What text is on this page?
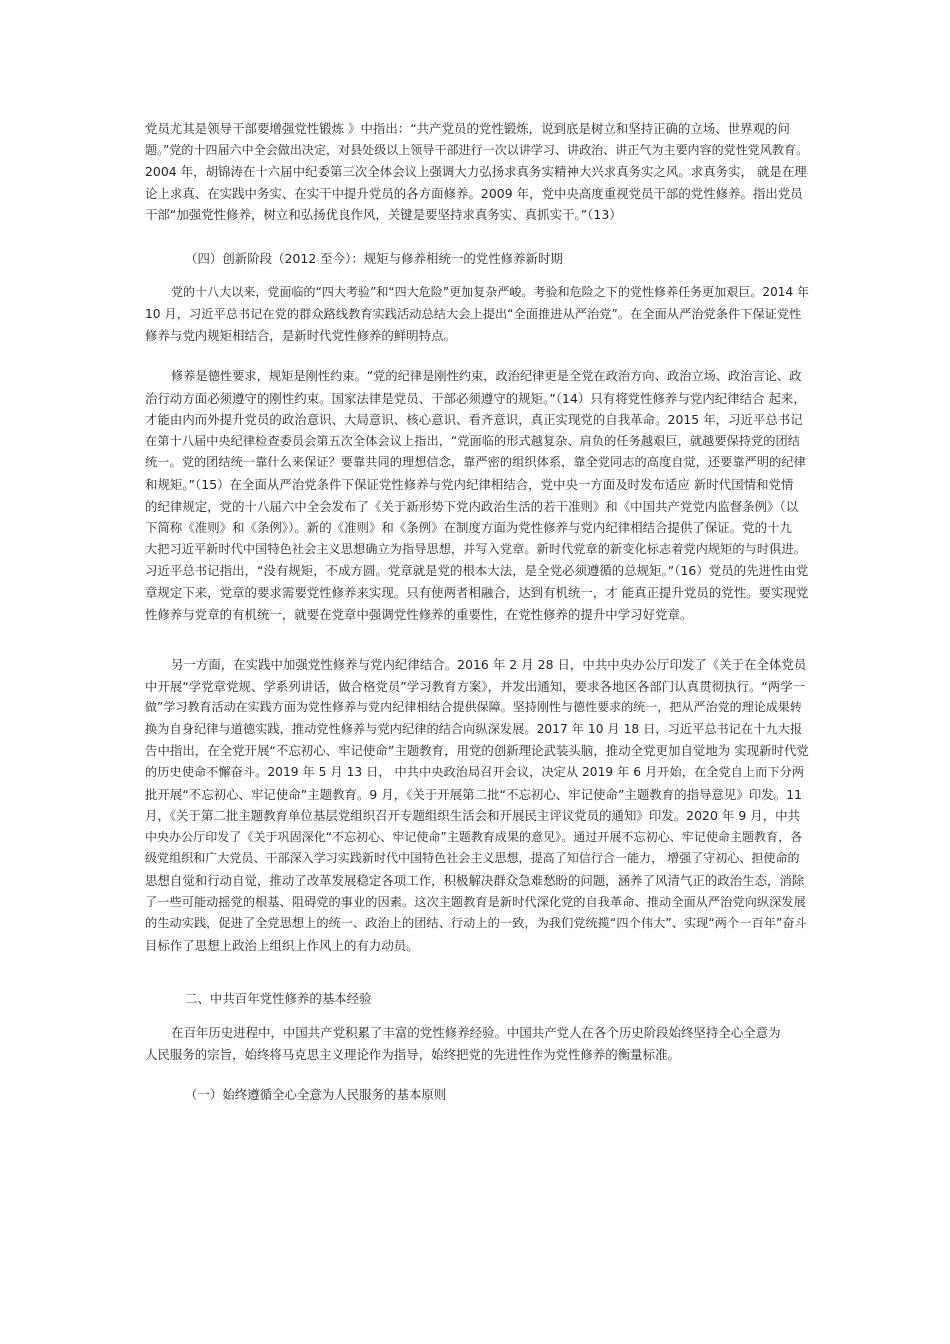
党员尤其是领导干部要增强党性锻炼 》中指出：“共产党员的党性锻炼，说到底是树立和坚持正确的立场、世界观的问
题。”党的十四届六中全会做出决定，对县处级以上领导干部进行一次以讲学习、讲政治、讲正气为主要内容的党性党风教育。
2004 年，胡锦涛在十六届中纪委第三次全体会议上强调大力弘扬求真务实精神大兴求真务实之风。求真务实， 就是在理
论上求真、在实践中务实、在实干中提升党员的各方面修养。2009 年，党中央高度重视党员干部的党性修养。指出党员
干部“加强党性修养，树立和弘扬优良作风，关键是要坚持求真务实、真抓实干。”（13）
（四）创新阶段（2012 至今）：规矩与修养相统一的党性修养新时期
党的十八大以来，党面临的“四大考验”和“四大危险”更加复杂严峻。考验和危险之下的党性修养任务更加艰巨。2014 年
10 月，习近平总书记在党的群众路线教育实践活动总结大会上提出“全面推进从严治党”。在全面从严治党条件下保证党性
修养与党内规矩相结合，是新时代党性修养的鲜明特点。
修养是德性要求，规矩是刚性约束。“党的纪律是刚性约束，政治纪律更是全党在政治方向、政治立场、政治言论、政
治行动方面必须遵守的刚性约束。国家法律是党员、干部必须遵守的规矩。”（14）只有将党性修养与党内纪律结合 起来，
才能由内而外提升党员的政治意识、大局意识、核心意识、看齐意识，真正实现党的自我革命。2015 年，习近平总书记
在第十八届中央纪律检查委员会第五次全体会议上指出，“党面临的形式越复杂、肩负的任务越艰巨，就越要保持党的团结
统一。党的团结统一靠什么来保证？要靠共同的理想信念，靠严密的组织体系，靠全党同志的高度自觉，还要靠严明的纪律
和规矩。”（15）在全面从严治党条件下保证党性修养与党内纪律相结合，党中央一方面及时发布适应 新时代国情和党情
的纪律规定，党的十八届六中全会发布了《关于新形势下党内政治生活的若干准则》和《中国共产党党内监督条例》（以
下简称《准则》和《条例》）。新的《准则》和《条例》在制度方面为党性修养与党内纪律相结合提供了保证。党的十九
大把习近平新时代中国特色社会主义思想确立为指导思想，并写入党章。新时代党章的新变化标志着党内规矩的与时俱进。
习近平总书记指出，“没有规矩，不成方圆。党章就是党的根本大法，是全党必须遵循的总规矩。”（16）党员的先进性由党
章规定下来，党章的要求需要党性修养来实现。只有使两者相融合，达到有机统一，才 能真正提升党员的党性。要实现党
性修养与党章的有机统一，就要在党章中强调党性修养的重要性，在党性修养的提升中学习好党章。
另一方面，在实践中加强党性修养与党内纪律结合。2016 年 2 月 28 日，中共中央办公厅印发了《关于在全体党员
中开展“学党章党规、学系列讲话，做合格党员”学习教育方案》，并发出通知，要求各地区各部门认真贯彻执行。“两学一
做”学习教育活动在实践方面为党性修养与党内纪律相结合提供保障。坚持刚性与德性要求的统一，把从严治党的理论成果转
换为自身纪律与道德实践，推动党性修养与党内纪律的结合向纵深发展。2017 年 10 月 18 日，习近平总书记在十九大报
告中指出，在全党开展“不忘初心、牢记使命”主题教育，用党的创新理论武装头脑，推动全党更加自觉地为 实现新时代党
的历史使命不懈奋斗。2019 年 5 月 13 日， 中共中央政治局召开会议，决定从 2019 年 6 月开始，在全党自上而下分两
批开展“不忘初心、牢记使命”主题教育。9 月，《关于开展第二批“不忘初心、牢记使命”主题教育的指导意见》印发。11
月，《关于第二批主题教育单位基层党组织召开专题组织生活会和开展民主评议党员的通知》印发。2020 年 9 月，中共
中央办公厅印发了《关于巩固深化“不忘初心、牢记使命”主题教育成果的意见》。通过开展不忘初心、牢记使命主题教育，各
级党组织和广大党员、干部深入学习实践新时代中国特色社会主义思想，提高了知信行合一能力， 增强了守初心、担使命的
思想自觉和行动自觉，推动了改革发展稳定各项工作，积极解决群众急难愁盼的问题，涵养了风清气正的政治生态，消除
了一些可能动摇党的根基、阻碍党的事业的因素。这次主题教育是新时代深化党的自我革命、推动全面从严治党向纵深发展
的生动实践，促进了全党思想上的统一、政治上的团结、行动上的一致，为我们党统揽“四个伟大”、实现“两个一百年”奋斗
目标作了思想上政治上组织上作风上的有力动员。
二、中共百年党性修养的基本经验
在百年历史进程中，中国共产党积累了丰富的党性修养经验。中国共产党人在各个历史阶段始终坚持全心全意为
人民服务的宗旨，始终将马克思主义理论作为指导，始终把党的先进性作为党性修养的衡量标准。
（一）始终遵循全心全意为人民服务的基本原则
